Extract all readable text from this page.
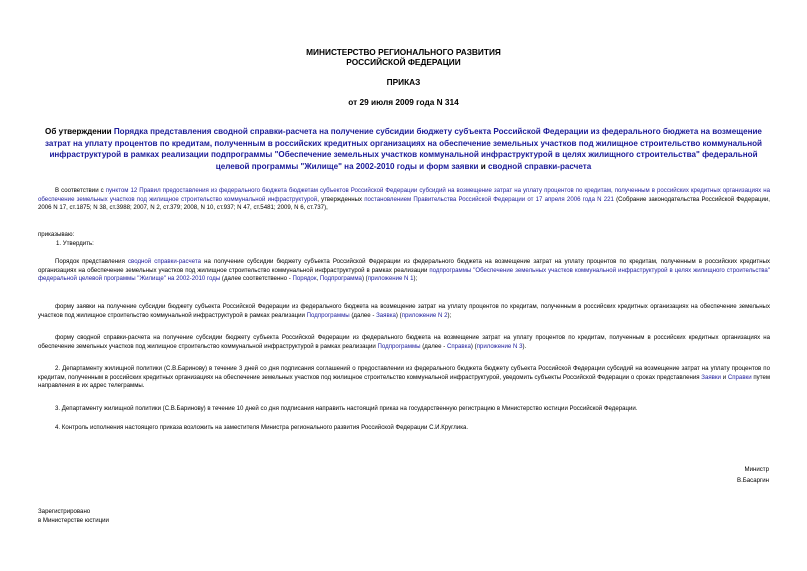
МИНИСТЕРСТВО РЕГИОНАЛЬНОГО РАЗВИТИЯ
РОССИЙСКОЙ ФЕДЕРАЦИИ
ПРИКАЗ
от 29 июля 2009 года N 314
Об утверждении Порядка представления сводной справки-расчета на получение субсидии бюджету субъекта Российской Федерации из федерального бюджета на возмещение затрат на уплату процентов по кредитам, полученным в российских кредитных организациях на обеспечение земельных участков под жилищное строительство коммунальной инфраструктурой в рамках реализации подпрограммы "Обеспечение земельных участков коммунальной инфраструктурой в целях жилищного строительства" федеральной целевой программы "Жилище" на 2002-2010 годы и форм заявки и сводной справки-расчета
В соответствии с пунктом 12 Правил предоставления из федерального бюджета бюджетам субъектов Российской Федерации субсидий на возмещение затрат на уплату процентов по кредитам, полученным в российских кредитных организациях на обеспечение земельных участков под жилищное строительство коммунальной инфраструктурой, утвержденных постановлением Правительства Российской Федерации от 17 апреля 2006 года N 221 (Собрание законодательства Российской Федерации, 2006 N 17, ст.1875; N 38, ст.3988; 2007, N 2, ст.379; 2008, N 10, ст.937; N 47, ст.5481; 2009, N 6, ст.737),
приказываю:
1. Утвердить:
Порядок представления сводной справки-расчета на получение субсидии бюджету субъекта Российской Федерации из федерального бюджета на возмещение затрат на уплату процентов по кредитам, полученным в российских кредитных организациях на обеспечение земельных участков под жилищное строительство коммунальной инфраструктурой в рамках реализации подпрограммы "Обеспечение земельных участков коммунальной инфраструктурой в целях жилищного строительства" федеральной целевой программы "Жилище" на 2002-2010 годы (далее соответственно - Порядок, Подпрограмма) (приложение N 1);
форму заявки на получение субсидии бюджету субъекта Российской Федерации из федерального бюджета на возмещение затрат на уплату процентов по кредитам, полученным в российских кредитных организациях на обеспечение земельных участков под жилищное строительство коммунальной инфраструктурой в рамках реализации Подпрограммы (далее - Заявка) (приложение N 2);
форму сводной справки-расчета на получение субсидии бюджету субъекта Российской Федерации из федерального бюджета на возмещение затрат на уплату процентов по кредитам, полученным в российских кредитных организациях на обеспечение земельных участков под жилищное строительство коммунальной инфраструктурой в рамках реализации Подпрограммы (далее - Справка) (приложение N 3).
2. Департаменту жилищной политики (С.В.Баринову) в течение 3 дней со дня подписания соглашений о предоставлении из федерального бюджета бюджету субъекта Российской Федерации субсидий на возмещение затрат на уплату процентов по кредитам, полученным в российских кредитных организациях на обеспечение земельных участков под жилищное строительство коммунальной инфраструктурой, уведомить субъекты Российской Федерации о сроках представления Заявки и Справки путем направления в их адрес телеграммы.
3. Департаменту жилищной политики (С.В.Баринову) в течение 10 дней со дня подписания направить настоящий приказ на государственную регистрацию в Министерство юстиции Российской Федерации.
4. Контроль исполнения настоящего приказа возложить на заместителя Министра регионального развития Российской Федерации С.И.Круглика.
Министр
В.Басаргин
Зарегистрировано
в Министерстве юстиции
